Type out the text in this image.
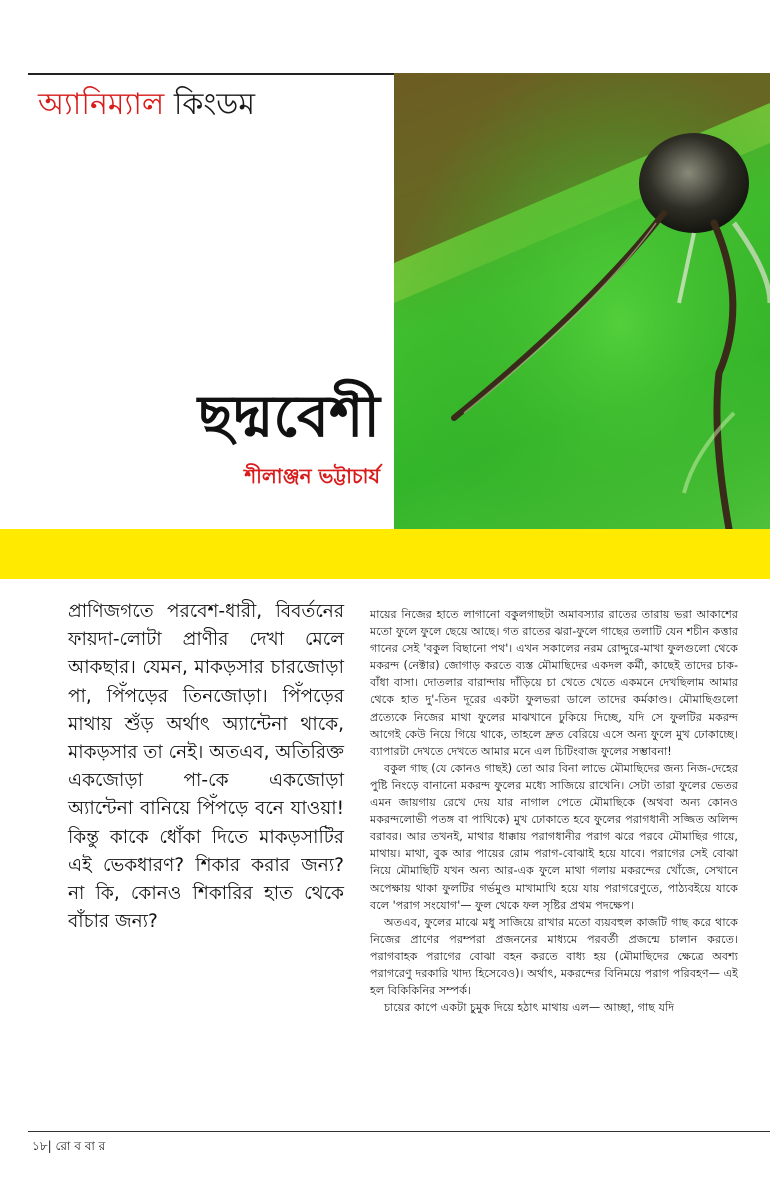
অ্যানিম্যাল কিংডম
ছদ্মবেশী
শীলাঞ্জন ভট্টাচার্য
প্রাণিজগতে পরবেশ-ধারী, বিবর্তনের ফায়দা-লোটা প্রাণীর দেখা মেলে আকছার। যেমন, মাকড়সার চারজোড়া পা, পিঁপড়ের তিনজোড়া। পিঁপড়ের মাথায় শুঁড় অর্থাৎ অ্যান্টেনা থাকে, মাকড়সার তা নেই। অতএব, অতিরিক্ত একজোড়া পা-কে একজোড়া অ্যান্টেনা বানিয়ে পিঁপড়ে বনে যাওয়া! কিন্তু কাকে ধোঁকা দিতে মাকড়সাটির এই ভেকধারণ? শিকার করার জন্য? না কি, কোনও শিকারির হাত থেকে বাঁচার জন্য?

মায়ের নিজের হাতে লাগানো বকুলগাছটা অমাবস্যার রাতের তারায় ভরা আকাশের মতো ফুলে ফুলে ছেয়ে আছে। গত রাতের ঝরা-ফুলে গাছের তলাটি যেন শচীন কত্তার গানের সেই 'বকুল বিছানো পথ'। এখন সকালের নরম রোদ্দুরে-মাখা ফুলগুলো থেকে মকরন্দ (নেক্টার) জোগাড় করতে ব্যস্ত মৌমাছিদের একদল কর্মী, কাছেই তাদের চাক-বাঁধা বাসা। দোতলার বারান্দায় দাঁড়িয়ে চা খেতে খেতে একমনে দেখছিলাম আমার থেকে হাত দু'-তিন দূরের একটা ফুলভরা ডালে তাদের কর্মকাণ্ড। মৌমাছিগুলো প্রত্যেকে নিজের মাথা ফুলের মাঝখানে ঢুকিয়ে দিচ্ছে, যদি সে ফুলটির মকরন্দ আগেই কেউ নিয়ে গিয়ে থাকে, তাহলে দ্রুত বেরিয়ে এসে অন্য ফুলে মুখ ঢোকাচ্ছে। ব্যাপারটা দেখতে দেখতে আমার মনে এল চিটিংবাজ ফুলের সম্ভাবনা!

বকুল গাছ (যে কোনও গাছই) তো আর বিনা লাভে মৌমাছিদের জন্য নিজ-দেহের পুষ্টি নিংড়ে বানানো মকরন্দ ফুলের মধ্যে সাজিয়ে রাখেনি। সেটা তারা ফুলের ভেতর এমন জায়গায় রেখে দেয় যার নাগাল পেতে মৌমাছিকে (অথবা অন্য কোনও মকরন্দলোভী পতঙ্গ বা পাখিকে) মুখ ঢোকাতে হবে ফুলের পরাগধানী সজ্জিত অলিন্দ বরাবর। আর তখনই, মাথার ধাক্কায় পরাগধানীর পরাগ ঝরে পরবে মৌমাছির গায়ে, মাথায়। মাথা, বুক আর পায়ের রোম পরাগ-বোঝাই হয়ে যাবে। পরাগের সেই বোঝা নিয়ে মৌমাছিটি যখন অন্য আর-এক ফুলে মাথা গলায় মকরন্দের খোঁজে, সেখানে অপেক্ষায় থাকা ফুলটির গর্ভমুণ্ড মাখামাখি হয়ে যায় পরাগরেণুতে, পাঠ্যবইয়ে যাকে বলে 'পরাগ সংযোগ'— ফুল থেকে ফল সৃষ্টির প্রথম পদক্ষেপ।

অতএব, ফুলের মাঝে মধু সাজিয়ে রাখার মতো ব্যয়বহুল কাজটি গাছ করে থাকে নিজের প্রাণের পরম্পরা প্রজননের মাধ্যমে পরবর্তী প্রজন্মে চালান করতে। পরাগবাহক পরাগের বোঝা বহন করতে বাধ্য হয় (মৌমাছিদের ক্ষেত্রে অবশ্য পরাগরেণু দরকারি খাদ্য হিসেবেও)। অর্থাৎ, মকরন্দের বিনিময়ে পরাগ পরিবহণ— এই হল বিকিকিনির সম্পর্ক।

চায়ের কাপে একটা চুমুক দিয়ে হঠাৎ মাথায় এল— আচ্ছা, গাছ যদি

১৮| রো ব বা র
